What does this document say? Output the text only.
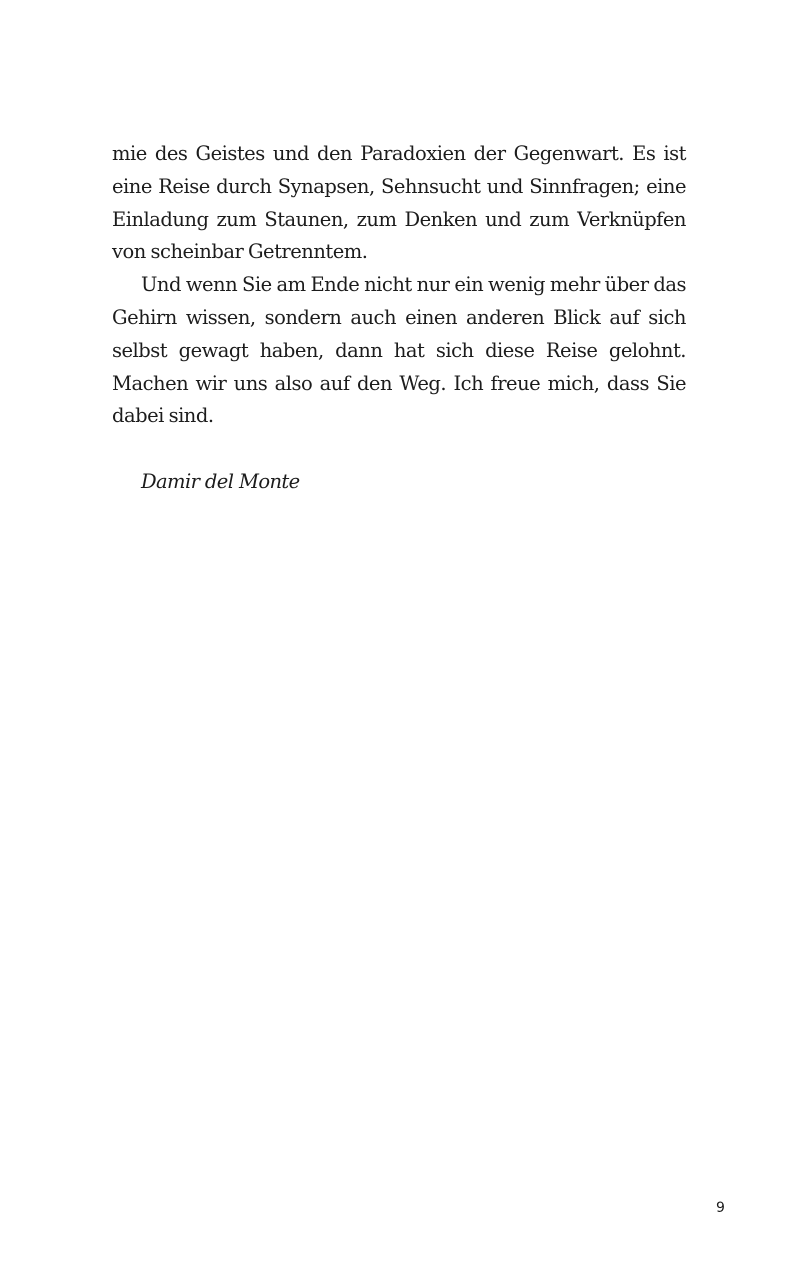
mie des Geistes und den Paradoxien der Gegenwart. Es ist eine Reise durch Synapsen, Sehnsucht und Sinnfragen; eine Einladung zum Staunen, zum Denken und zum Verknüpfen von scheinbar Getrenntem.

Und wenn Sie am Ende nicht nur ein wenig mehr über das Gehirn wissen, sondern auch einen anderen Blick auf sich selbst gewagt haben, dann hat sich diese Reise gelohnt. Machen wir uns also auf den Weg. Ich freue mich, dass Sie dabei sind.

Damir del Monte
9
